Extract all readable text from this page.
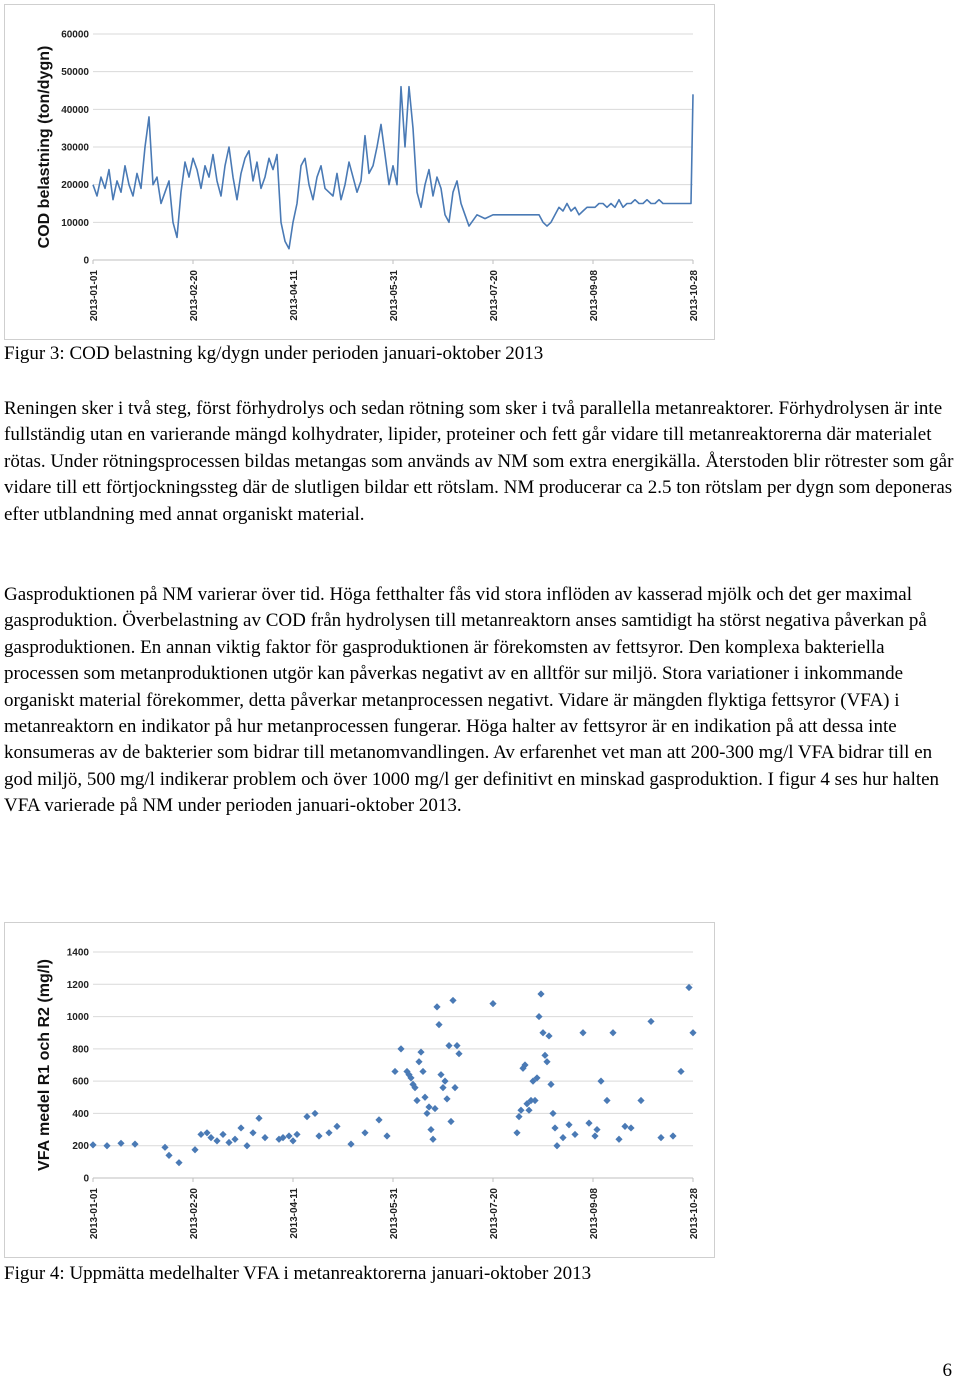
0
10000
20000
30000
40000
50000
60000
2013-01-01	2013-02-20	2013-04-11	2013-05-31	2013-07-20	2013-09-08	2013-10-28
COD belastning (ton/dygn)
Figur 3: COD belastning kg/dygn under perioden januari-oktober 2013

Reningen sker i två steg, först förhydrolys och sedan rötning som sker i två parallella metanreaktorer. Förhydrolysen är inte fullständig utan en varierande mängd kolhydrater, lipider, proteiner och fett går vidare till metanreaktorerna där materialet rötas. Under rötningsprocessen bildas metangas som används av NM som extra energikälla. Återstoden blir rötrester som går vidare till ett förtjockningssteg där de slutligen bildar ett rötslam. NM producerar ca 2.5 ton rötslam per dygn som deponeras efter utblandning med annat organiskt material.

Gasproduktionen på NM varierar över tid. Höga fetthalter fås vid stora inflöden av kasserad mjölk och det ger maximal gasproduktion. Överbelastning av COD från hydrolysen till metanreaktorn anses samtidigt ha störst negativa påverkan på gasproduktionen. En annan viktig faktor för gasproduktionen är förekomsten av fettsyror. Den komplexa bakteriella processen som metanproduktionen utgör kan påverkas negativt av en alltför sur miljö. Stora variationer i inkommande organiskt material förekommer, detta påverkar metanprocessen negativt. Vidare är mängden flyktiga fettsyror (VFA) i metanreaktorn en indikator på hur metanprocessen fungerar. Höga halter av fettsyror är en indikation på att dessa inte konsumeras av de bakterier som bidrar till metanomvandlingen. Av erfarenhet vet man att 200-300 mg/l VFA bidrar till en god miljö, 500 mg/l indikerar problem och över 1000 mg/l ger definitivt en minskad gasproduktion. I figur 4 ses hur halten VFA varierade på NM under perioden januari-oktober 2013.

0
200
400
600
800
1000
1200
1400
2013-01-01	2013-02-20	2013-04-11	2013-05-31	2013-07-20	2013-09-08	2013-10-28
VFA medel R1 och R2 (mg/l)
Figur 4: Uppmätta medelhalter VFA i metanreaktorerna januari-oktober 2013
6
